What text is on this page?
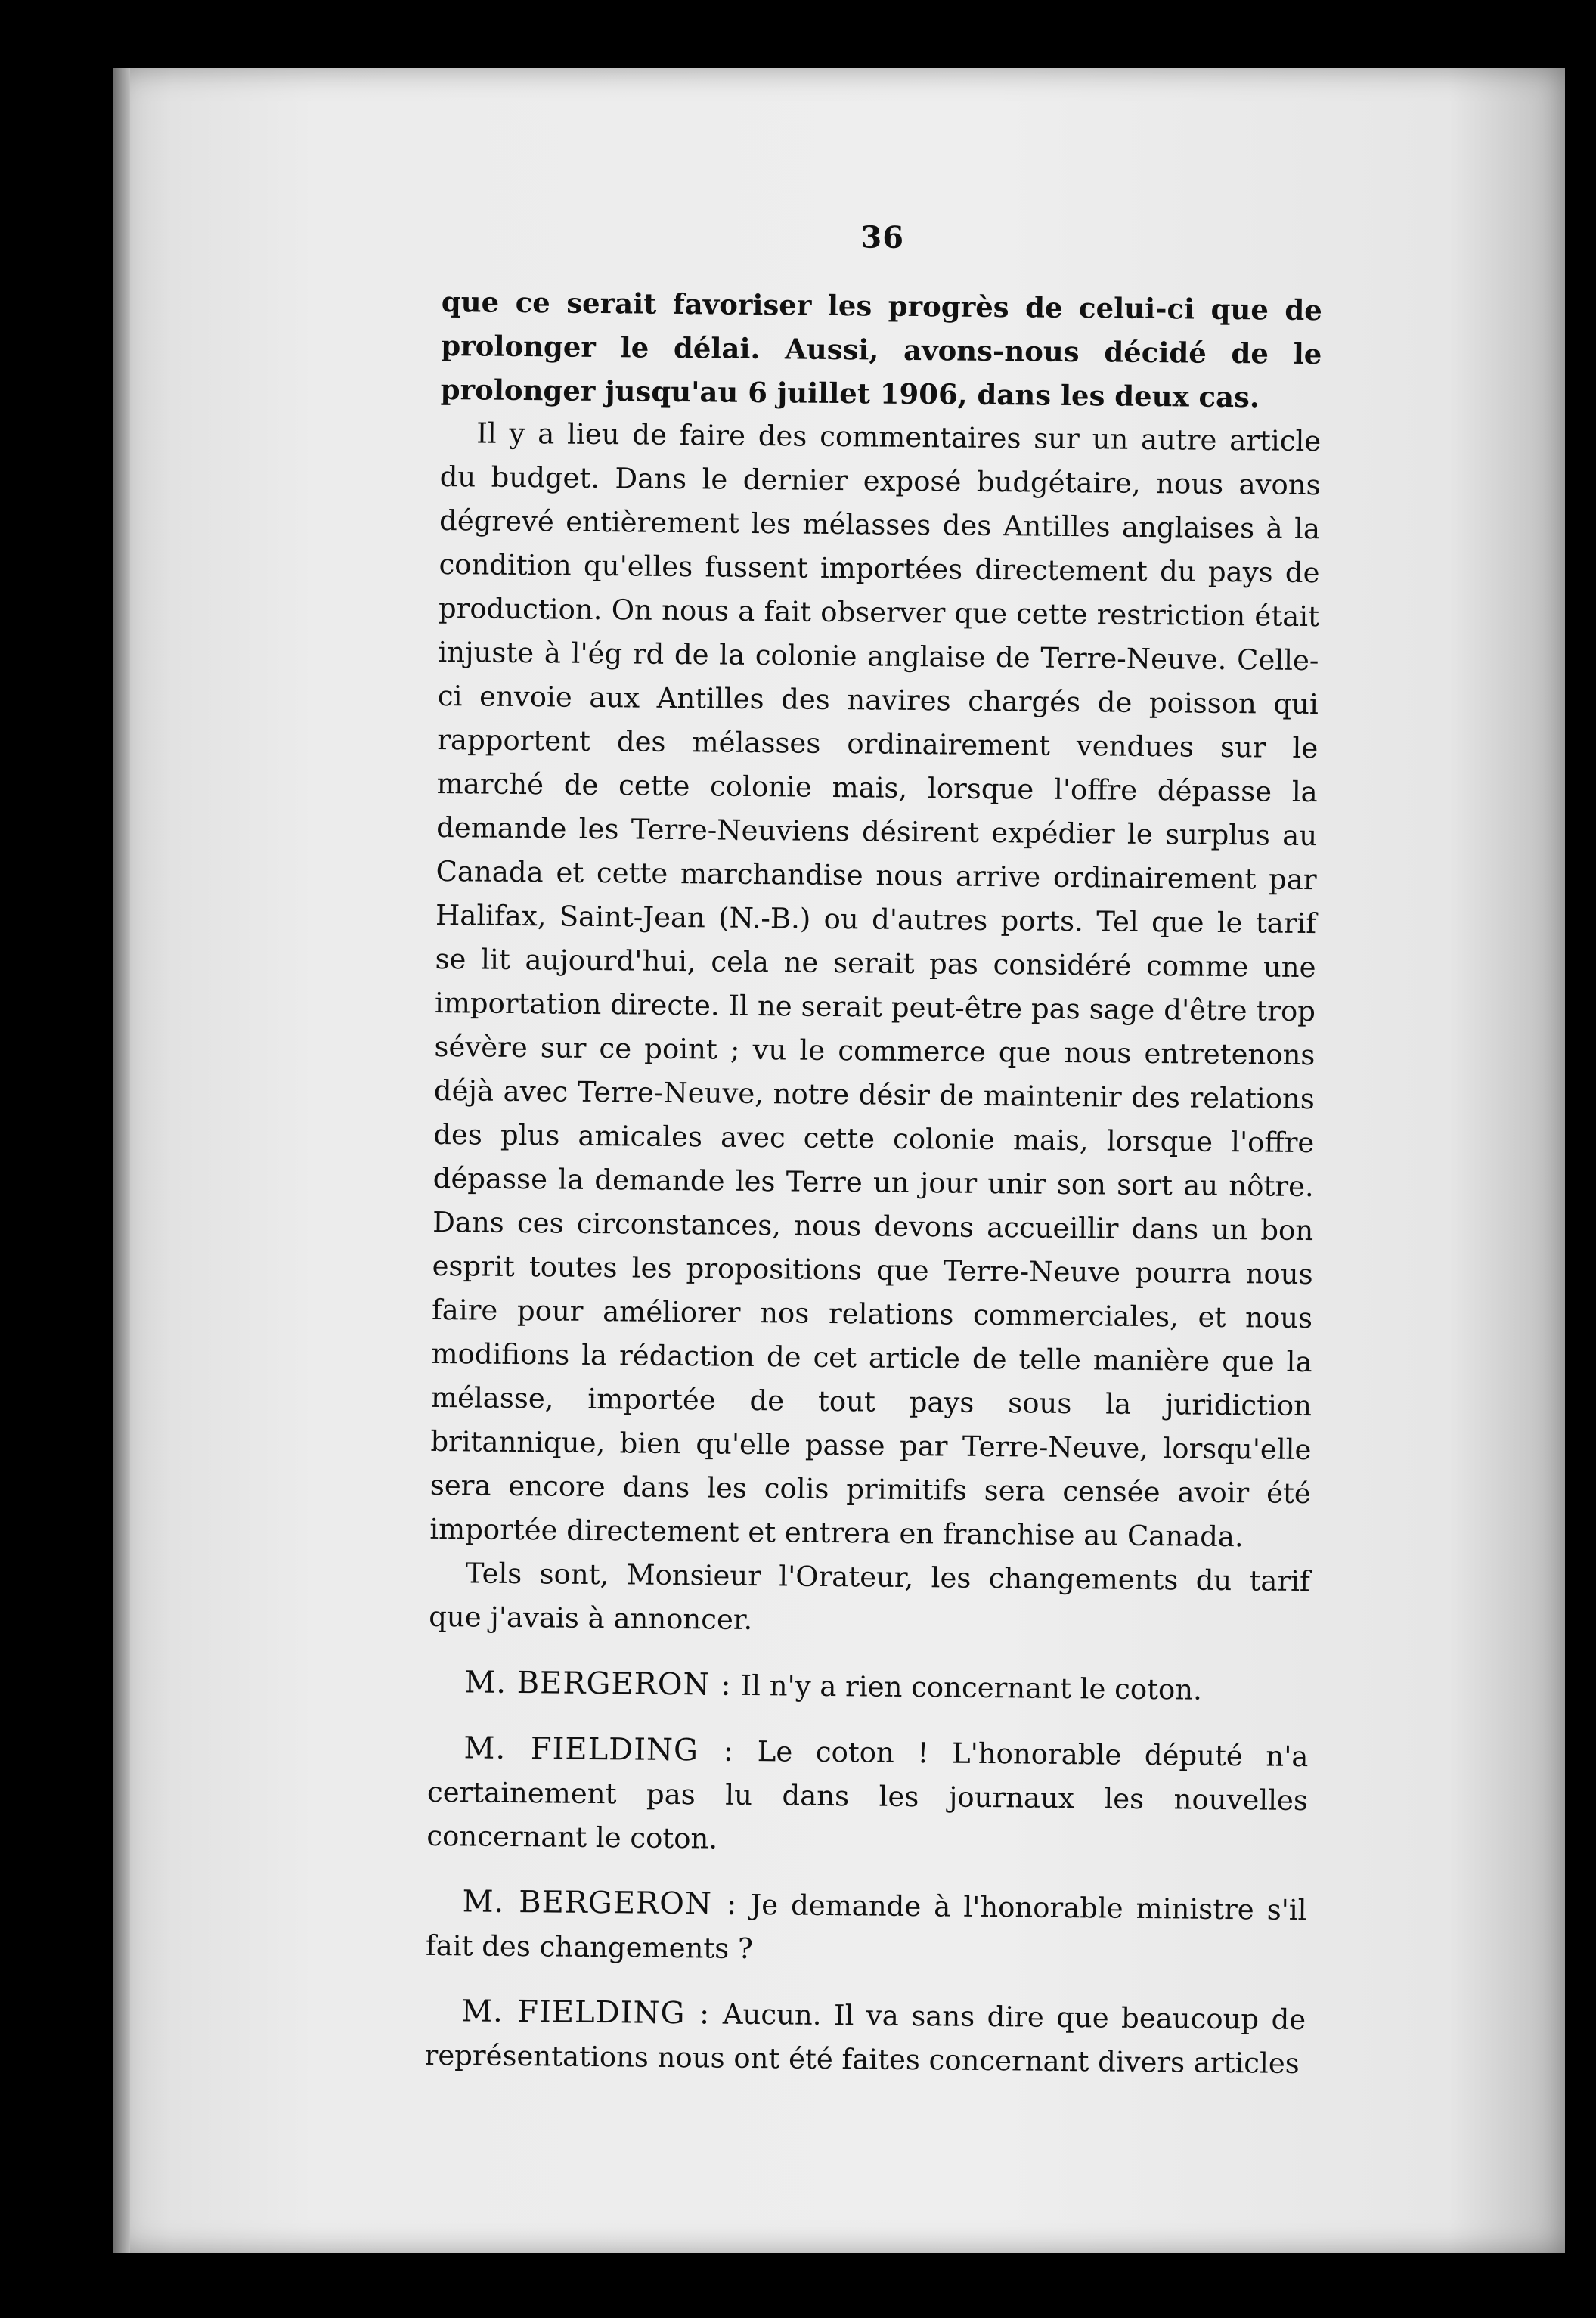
36

que ce serait favoriser les progrès de celui-ci que de prolonger le délai. Aussi, avons-nous décidé de le prolonger jusqu'au 6 juillet 1906, dans les deux cas.

Il y a lieu de faire des commentaires sur un autre article du budget. Dans le dernier exposé budgétaire, nous avons dégrevé entièrement les mélasses des Antilles anglaises à la condition qu'elles fussent importées directement du pays de production. On nous a fait observer que cette restriction était injuste à l'ég rd de la colonie anglaise de Terre-Neuve. Celle-ci envoie aux Antilles des navires chargés de poisson qui rapportent des mélasses ordinairement vendues sur le marché de cette colonie mais, lorsque l'offre dépasse la demande les Terre-Neuviens désirent expédier le surplus au Canada et cette marchandise nous arrive ordinairement par Halifax, Saint-Jean (N.-B.) ou d'autres ports. Tel que le tarif se lit aujourd'hui, cela ne serait pas considéré comme une importation directe. Il ne serait peut-être pas sage d'être trop sévère sur ce point ; vu le commerce que nous entretenons déjà avec Terre-Neuve, notre désir de maintenir des relations des plus amicales avec cette colonie mais, lorsque l'offre dépasse la demande les Terre un jour unir son sort au nôtre. Dans ces circonstances, nous devons accueillir dans un bon esprit toutes les propositions que Terre-Neuve pourra nous faire pour améliorer nos relations commerciales, et nous modifions la rédaction de cet article de telle manière que la mélasse, importée de tout pays sous la juridiction britannique, bien qu'elle passe par Terre-Neuve, lorsqu'elle sera encore dans les colis primitifs sera censée avoir été importée directement et entrera en franchise au Canada.

Tels sont, Monsieur l'Orateur, les changements du tarif que j'avais à annoncer.

M. BERGERON : Il n'y a rien concernant le coton.

M. FIELDING : Le coton ! L'honorable député n'a certainement pas lu dans les journaux les nouvelles concernant le coton.

M. BERGERON : Je demande à l'honorable ministre s'il fait des changements ?

M. FIELDING : Aucun. Il va sans dire que beaucoup de représentations nous ont été faites concernant divers articles
